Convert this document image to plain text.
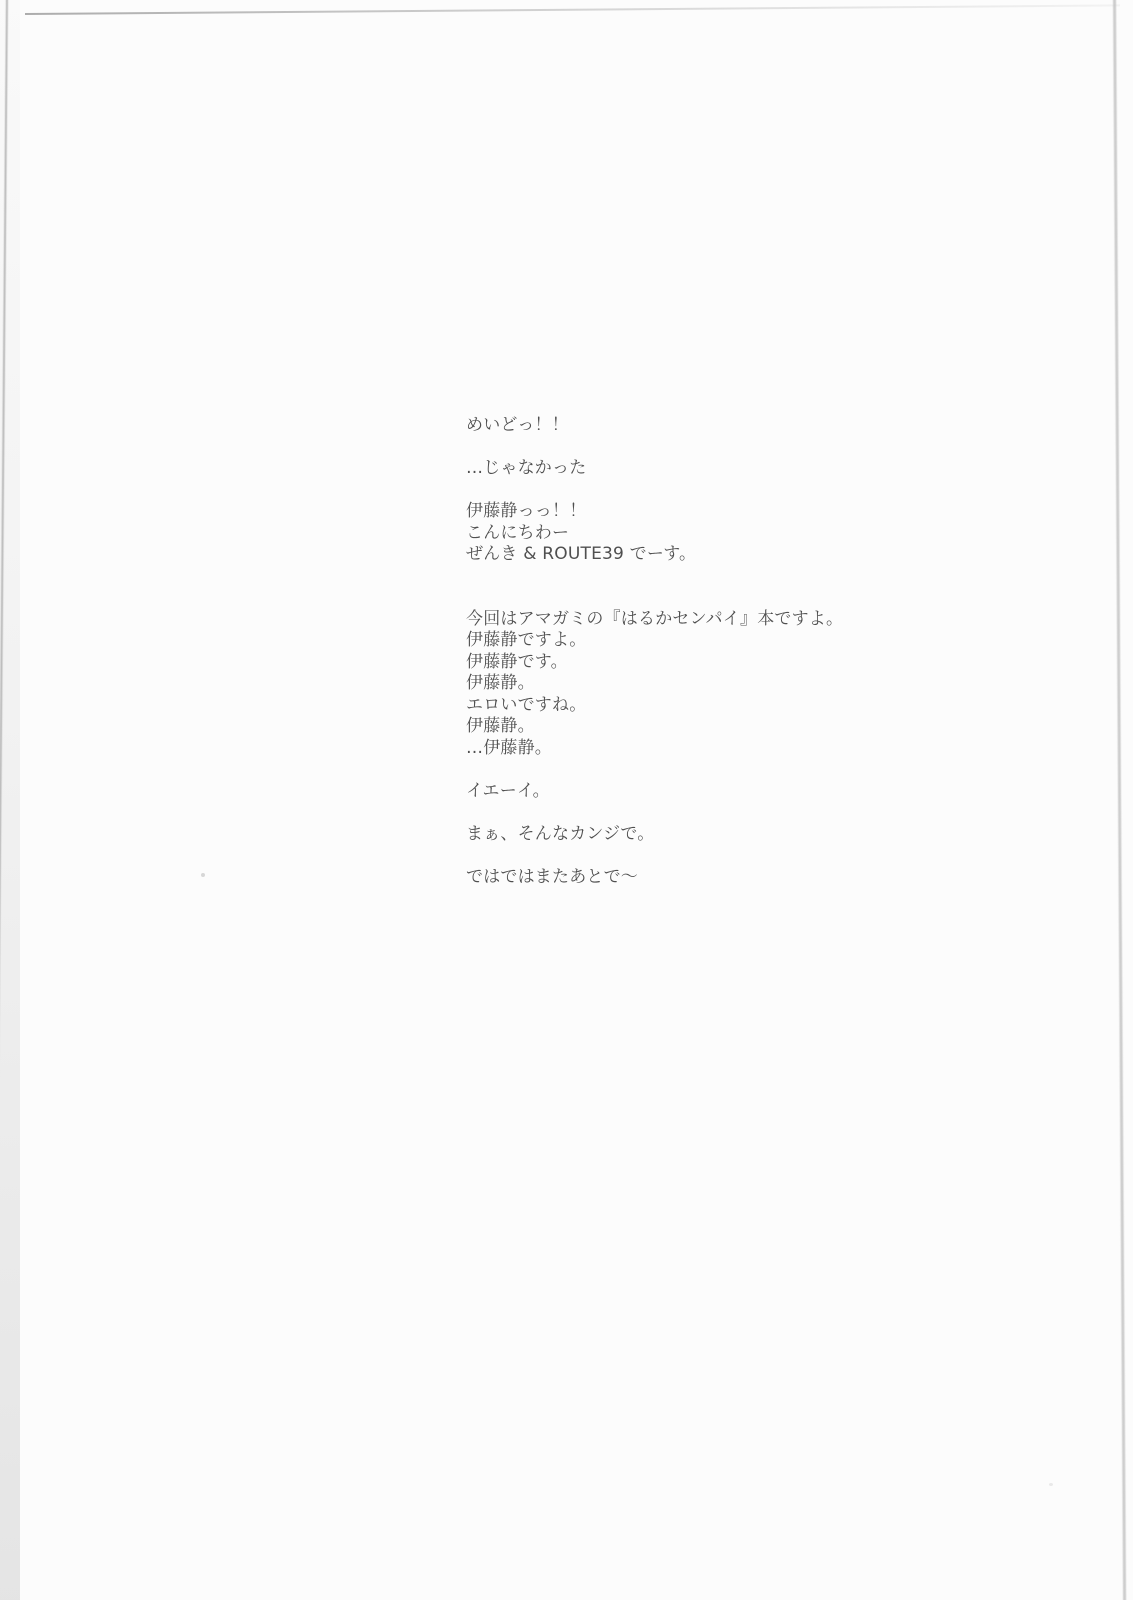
めいどっ！！
…じゃなかった
伊藤静っっ！！
こんにちわー
ぜんき & ROUTE39 でーす。
今回はアマガミの『はるかセンパイ』本ですよ。
伊藤静ですよ。
伊藤静です。
伊藤静。
エロいですね。
伊藤静。
…伊藤静。
イエーイ。
まぁ、そんなカンジで。
ではではまたあとで～
